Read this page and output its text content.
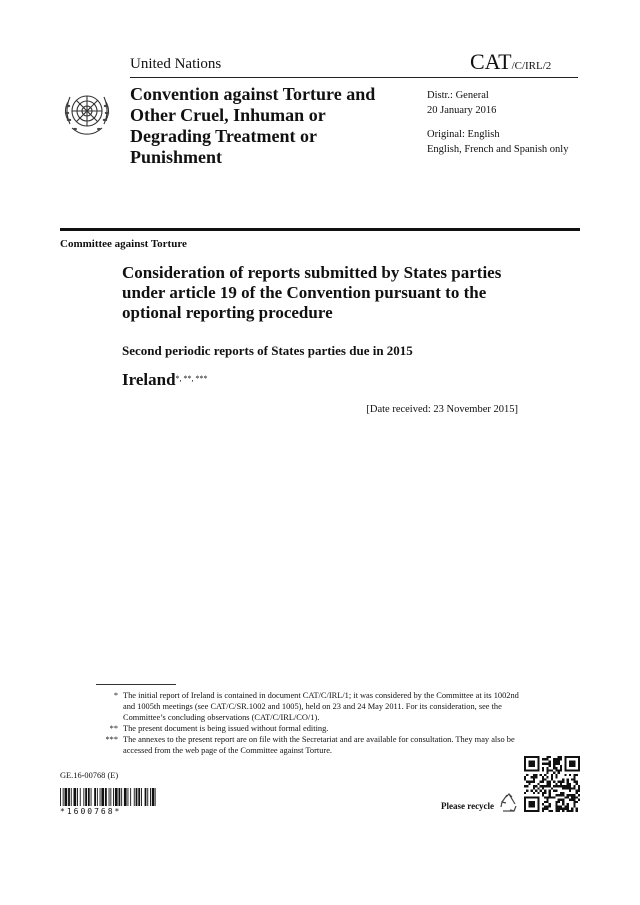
United Nations	CAT/C/IRL/2
Convention against Torture and Other Cruel, Inhuman or Degrading Treatment or Punishment
Distr.: General
20 January 2016
Original: English
English, French and Spanish only
Committee against Torture
Consideration of reports submitted by States parties under article 19 of the Convention pursuant to the optional reporting procedure
Second periodic reports of States parties due in 2015
Ireland*, **, ***
[Date received: 23 November 2015]
* The initial report of Ireland is contained in document CAT/C/IRL/1; it was considered by the Committee at its 1002nd and 1005th meetings (see CAT/C/SR.1002 and 1005), held on 23 and 24 May 2011. For its consideration, see the Committee’s concluding observations (CAT/C/IRL/CO/1).
** The present document is being issued without formal editing.
*** The annexes to the present report are on file with the Secretariat and are available for consultation. They may also be accessed from the web page of the Committee against Torture.
GE.16-00768 (E)
*1600768*
Please recycle
